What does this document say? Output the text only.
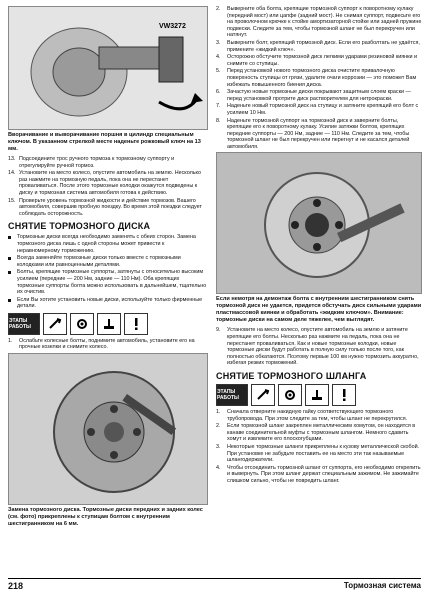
VW3272
Вворачивание и выворачивание поршня в цилиндр специальным ключом. В указанном стрелкой месте наденьте рожковый ключ на 13 мм.
13. Подсоедините трос ручного тормоза к тормозному суппорту и отрегулируйте ручной тормоз.
14. Установите на место колесо, опустите автомобиль на землю. Несколько раз нажмите на тормозную педаль, пока она не перестанет проваливаться. После этого тормозные колодки окажутся подведены к диску и тормозная система автомобиля готова к действию.
15. Проверьте уровень тормозной жидкости и действие тормозов. Вашего автомобиля, совершив пробную поездку. Во время этой поездки следует соблюдать осторожность.
СНЯТИЕ ТОРМОЗНОГО ДИСКА
Тормозные диски всегда необходимо заменять с обеих сторон. Замена тормозного диска лишь с одной стороны может привести к неравномерному торможению.
Всегда заменяйте тормозные диски только вместе с тормозными колодками или равноценными деталями.
Болты, крепящие тормозные суппорты, затянуты с относительно высоким усилием (передние — 200 Нм, задние — 110 Нм). Оба крепящих тормозные суппорты болта можно использовать в дальнейшем, тщательно их очистив.
Если Вы хотите установить новые диски, используйте только фирменные детали.
ЭТАПЫ РАБОТЫ
1.	Ослабьте колесные болты, поднимите автомобиль, установите его на прочные козелки и снимите колесо.
Замена тормозного диска. Тормозные диски передних и задних колес (см. фото) прикреплены к ступицам болтом с внутренним шестигранником на 6 мм.
2.	Выверните оба болта, крепящие тормозной суппорт к поворотному кулаку (передний мост) или цапфе (задний мост). Не снимая суппорт, подвесьте его на проволочном крючке к стойке амортизаторной стойке или задней пружине подвески. Следите за тем, чтобы тормозной шланг не был перекручен или натянут.
3.	Выверните болт, крепящий тормозной диск. Если его разболтать не удаётся, примените «жидкий ключ».
4.	Осторожно обстучите тормозной диск легкими ударами резиновой киянки и снимите со ступицы.
5.	Перед установкой нового тормозного диска очистите привалочную поверхность ступицы от грязи, удалите очаги коррозии — это поможет Вам избежать повышенного биения диска.
6.	Зачастую новые тормозные диски покрывают защитным слоем краски — перед установкой протрите диск растворителем для нитрокраски.
7.	Наденьте новый тормозной диск на ступицу и затяните крепящий его болт с усилием 10 Нм.
8.	Наденьте тормозной суппорт на тормозной диск и заверните болты, крепящие его к поворотному кулаку. Усилие затяжки болтов, крепящих передние суппорты — 200 Нм, задние — 110 Нм. Следите за тем, чтобы тормозной шланг не был перекручен или перегнут и не касался деталей автомобиля.
Если немотря на демонтаж болта с внутренним шестигранником снять тормозной диск не удается, придется обстучать диск сильными ударами пластмассовой киянки и обработать «жидким ключом». Внимание: тормозные диски на самом деле тяжелее, чем выглядят.
9.	Установите на место колесо, опустите автомобиль на землю и затяните крепящие его болты. Несколько раз нажмите на педаль, пока она не перестанет проваливаться. Как и новые тормозные колодки, новые тормозные диски будут работать в полную силу только после того, как полностью обкатаются. Поэтому первые 100 км нужно тормозить аккуратно, избегая резких торможений.
СНЯТИЕ ТОРМОЗНОГО ШЛАНГА
ЭТАПЫ РАБОТЫ
1.	Сначала отверните накидную гайку соответствующего тормозного трубопровода. При этом следите за тем, чтобы шланг не перекрутился.
2.	Если тормозной шланг закреплен металлическим хомутом, он находится в канаве соединительной муфты с тормозным шлангом. Немного сдавить хомут и извлеките его плоскогубцами.
3.	Некоторые тормозные шланги прикреплены к кузову металлической скобой. При установке не забудьте поставить ее на место эти так называемые шлангодержатели.
4.	Чтобы отсоединить тормозной шланг от суппорта, его необходимо открепить и вывернуть. При этом шланг держат специальным зажимом. Не зажимайте слишком сильно, чтобы не повредить шланг.
218	Тормозная система
